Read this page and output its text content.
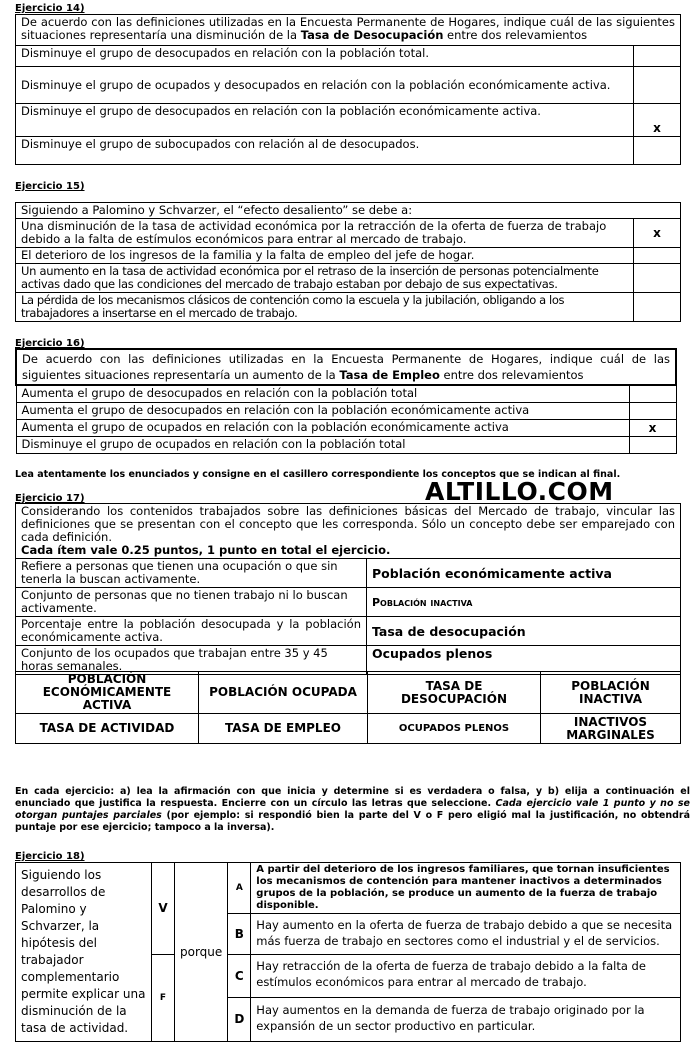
Ejercicio 14)
De acuerdo con las definiciones utilizadas en la Encuesta Permanente de Hogares, indique cuál de las siguientes situaciones representaría una disminución de la Tasa de Desocupación entre dos relevamientos	
Disminuye el grupo de desocupados en relación con la población total.	
Disminuye el grupo de ocupados y desocupados en relación con la población económicamente activa.	
Disminuye el grupo de desocupados en relación con la población económicamente activa.	x
Disminuye el grupo de subocupados con relación al de desocupados.	
Ejercicio 15)
Siguiendo a Palomino y Schvarzer, el “efecto desaliento” se debe a:	
Una disminución de la tasa de actividad económica por la retracción de la oferta de fuerza de trabajo debido a la falta de estímulos económicos para entrar al mercado de trabajo.	x
El deterioro de los ingresos de la familia y la falta de empleo del jefe de hogar.	
Un aumento en la tasa de actividad económica por el retraso de la inserción de personas potencialmente activas dado que las condiciones del mercado de trabajo estaban por debajo de sus expectativas.	
La pérdida de los mecanismos clásicos de contención como la escuela y la jubilación, obligando a los trabajadores a insertarse en el mercado de trabajo.	
Ejercicio 16)
De acuerdo con las definiciones utilizadas en la Encuesta Permanente de Hogares, indique cuál de las siguientes situaciones representaría un aumento de la Tasa de Empleo entre dos relevamientos	
Aumenta el grupo de desocupados en relación con la población total	
Aumenta el grupo de desocupados en relación con la población económicamente activa	
Aumenta el grupo de ocupados en relación con la población económicamente activa	x
Disminuye el grupo de ocupados en relación con la población total	
Lea atentamente los enunciados y consigne en el casillero correspondiente los conceptos que se indican al final.
ALTILLO.COM
Ejercicio 17)
Considerando los contenidos trabajados sobre las definiciones básicas del Mercado de trabajo, vincular las definiciones que se presentan con el concepto que les corresponda. Sólo un concepto debe ser emparejado con cada definición.
Cada ítem vale 0.25 puntos, 1 punto en total el ejercicio.	
Refiere a personas que tienen una ocupación o que sin tenerla la buscan activamente.	Población económicamente activa
Conjunto de personas que no tienen trabajo ni lo buscan activamente.	Población inactiva
Porcentaje entre la población desocupada y la población económicamente activa.	Tasa de desocupación
Conjunto de los ocupados que trabajan entre 35 y 45 horas semanales.	Ocupados plenos
POBLACIÓN ECONÓMICAMENTE ACTIVA	POBLACIÓN OCUPADA	TASA DE DESOCUPACIÓN	POBLACIÓN INACTIVA
TASA DE ACTIVIDAD	TASA DE EMPLEO	OCUPADOS PLENOS	INACTIVOS MARGINALES
En cada ejercicio: a) lea la afirmación con que inicia y determine si es verdadera o falsa, y b) elija a continuación el enunciado que justifica la respuesta. Encierre con un círculo las letras que seleccione. Cada ejercicio vale 1 punto y no se otorgan puntajes parciales (por ejemplo: si respondió bien la parte del V o F pero eligió mal la justificación, no obtendrá puntaje por ese ejercicio; tampoco a la inversa).
Ejercicio 18)
Siguiendo los desarrollos de Palomino y Schvarzer, la hipótesis del trabajador complementario permite explicar una disminución de la tasa de actividad.	V	porque	A	A partir del deterioro de los ingresos familiares, que tornan insuficientes los mecanismos de contención para mantener inactivos a determinados grupos de la población, se produce un aumento de la fuerza de trabajo disponible.
			B	Hay aumento en la oferta de fuerza de trabajo debido a que se necesita más fuerza de trabajo en sectores como el industrial y el de servicios.
	F		C	Hay retracción de la oferta de fuerza de trabajo debido a la falta de estímulos económicos para entrar al mercado de trabajo.
			D	Hay aumentos en la demanda de fuerza de trabajo originado por la expansión de un sector productivo en particular.
